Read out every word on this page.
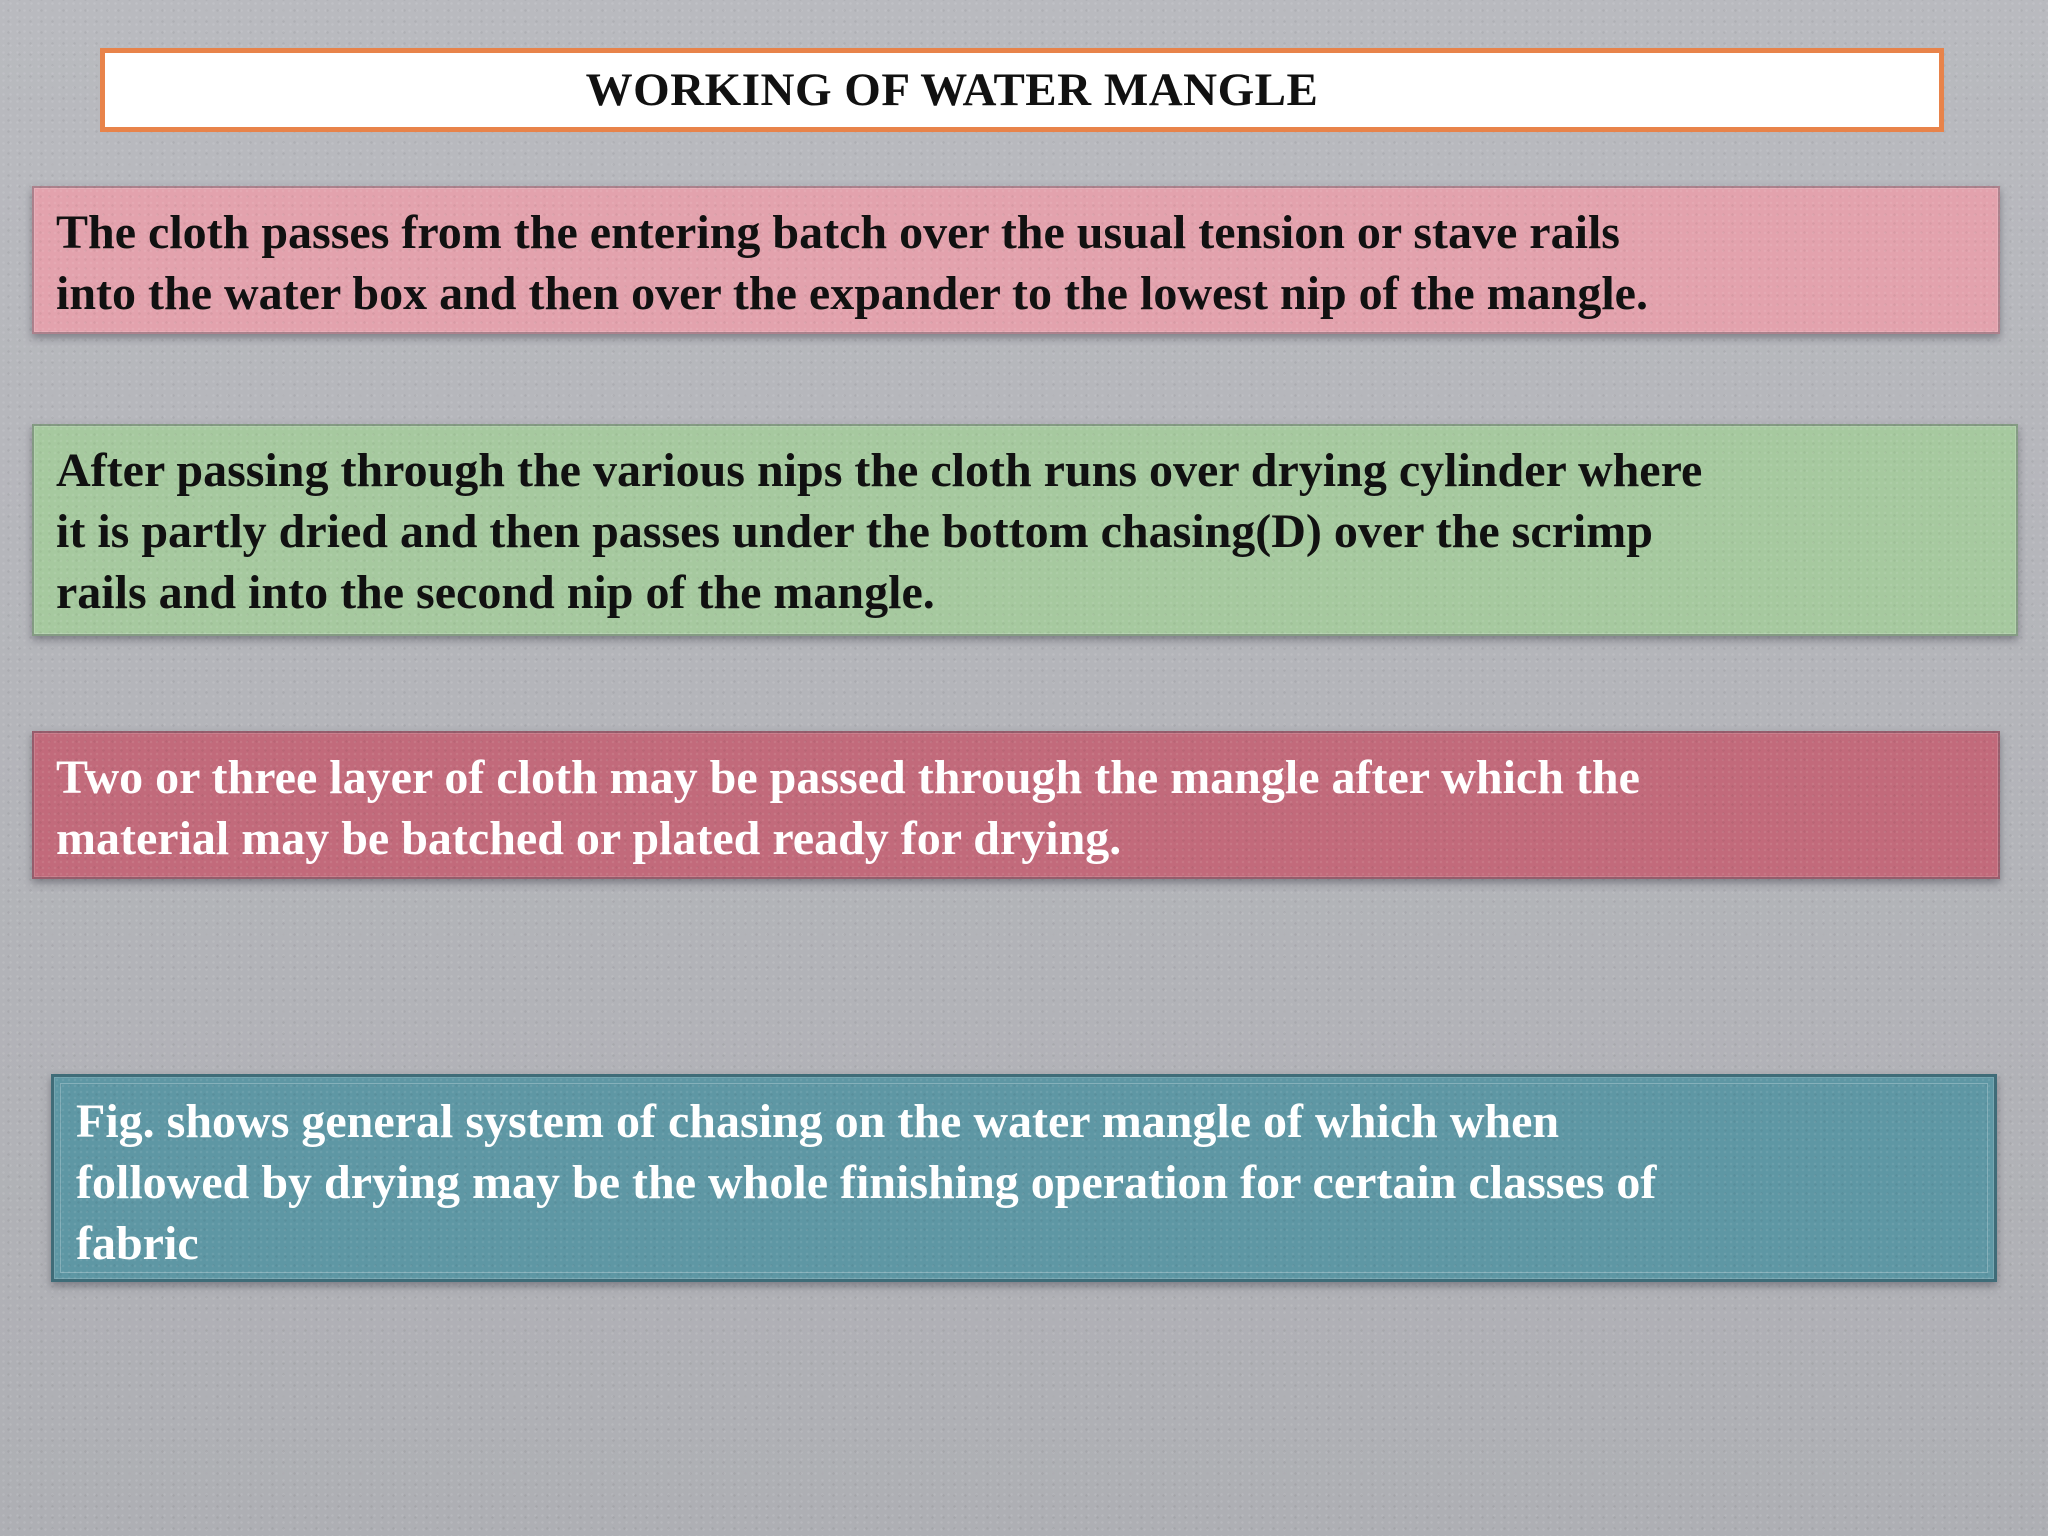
WORKING OF WATER MANGLE
The cloth passes from the entering batch over the usual tension or stave rails
into the water box and then over the expander to the lowest nip of the mangle.
After passing through the various nips the cloth runs over drying cylinder where
it is partly dried and then passes under the bottom chasing(D) over the scrimp
rails and into the second nip of the mangle.
Two or three layer of cloth may be passed through the mangle after which the
material may be batched or plated ready for drying.
Fig. shows general system of chasing on the water mangle of which when
followed by drying may be the whole finishing operation for certain classes of
fabric
